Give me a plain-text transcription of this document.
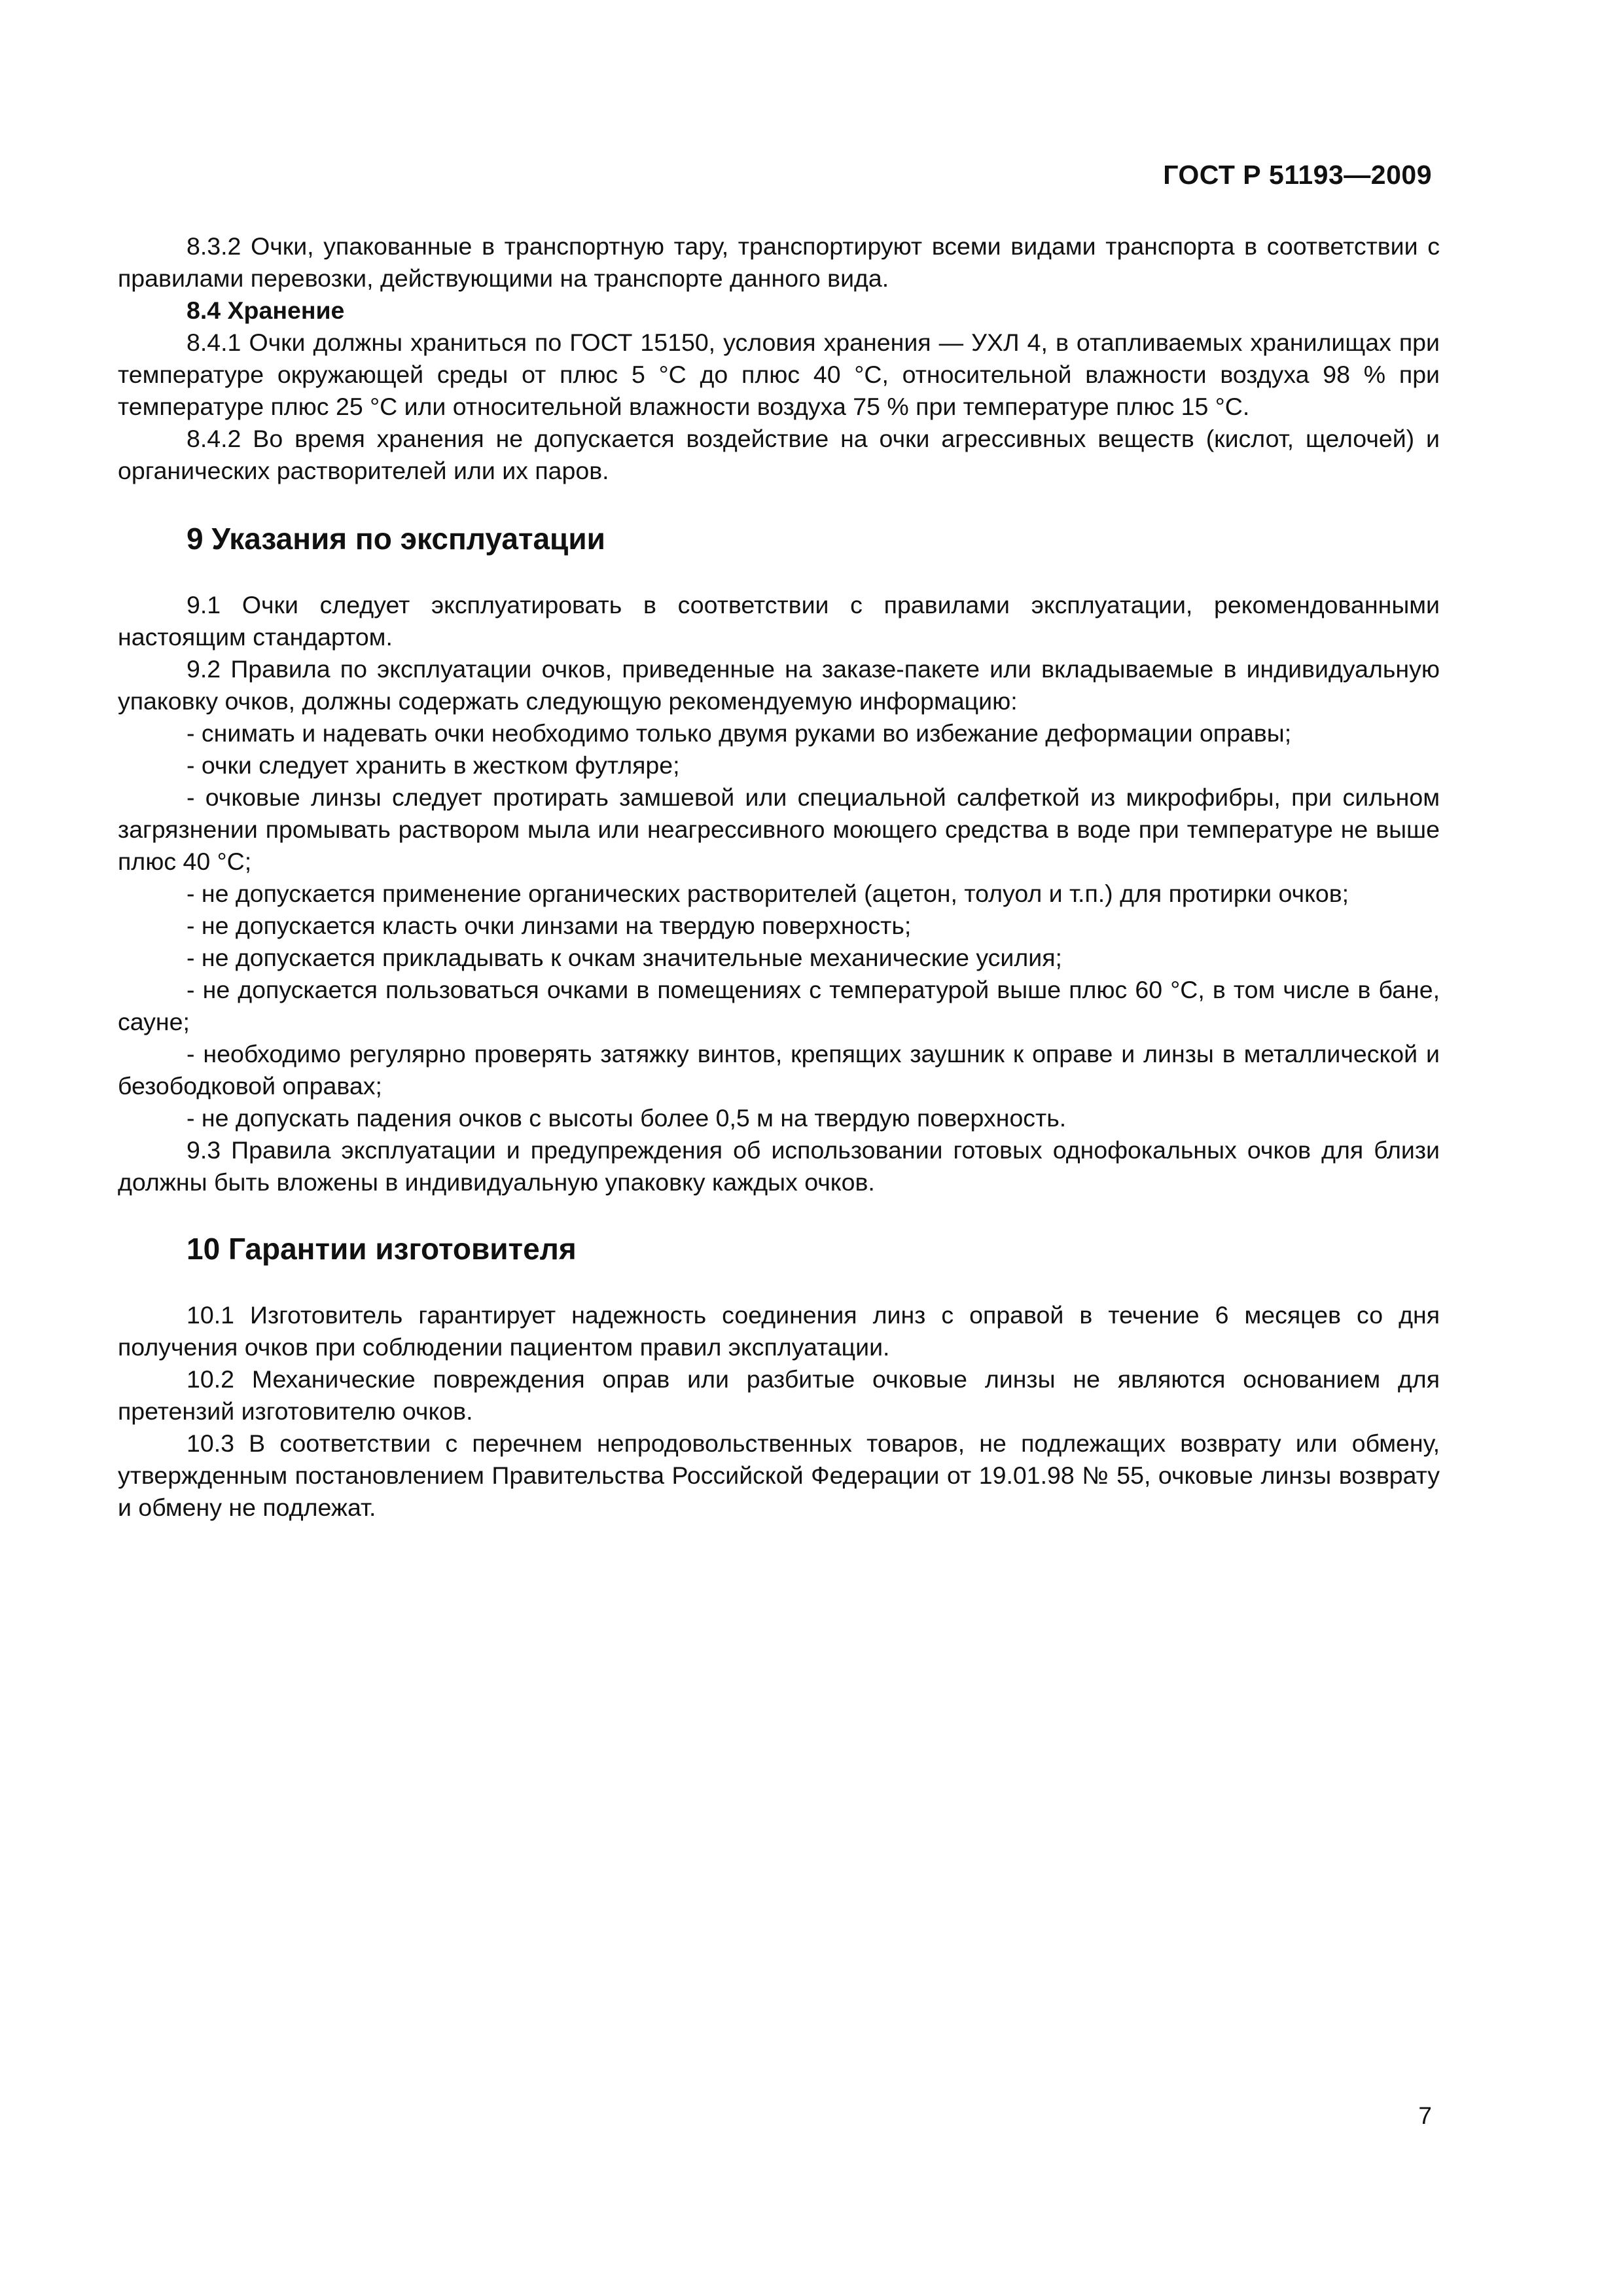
ГОСТ Р 51193—2009

8.3.2 Очки, упакованные в транспортную тару, транспортируют всеми видами транспорта в соответствии с правилами перевозки, действующими на транспорте данного вида.

8.4 Хранение

8.4.1 Очки должны храниться по ГОСТ 15150, условия хранения — УХЛ 4, в отапливаемых хранилищах при температуре окружающей среды от плюс 5 °С до плюс 40 °С, относительной влажности воздуха 98 % при температуре плюс 25 °С или относительной влажности воздуха 75 % при температуре плюс 15 °С.

8.4.2 Во время хранения не допускается воздействие на очки агрессивных веществ (кислот, щелочей) и органических растворителей или их паров.

9 Указания по эксплуатации

9.1 Очки следует эксплуатировать в соответствии с правилами эксплуатации, рекомендованными настоящим стандартом.

9.2 Правила по эксплуатации очков, приведенные на заказе-пакете или вкладываемые в индивидуальную упаковку очков, должны содержать следующую рекомендуемую информацию:

- снимать и надевать очки необходимо только двумя руками во избежание деформации оправы;

- очки следует хранить в жестком футляре;

- очковые линзы следует протирать замшевой или специальной салфеткой из микрофибры, при сильном загрязнении промывать раствором мыла или неагрессивного моющего средства в воде при температуре не выше плюс 40 °С;

- не допускается применение органических растворителей (ацетон, толуол и т.п.) для протирки очков;

- не допускается класть очки линзами на твердую поверхность;

- не допускается прикладывать к очкам значительные механические усилия;

- не допускается пользоваться очками в помещениях с температурой выше плюс 60 °С, в том числе в бане, сауне;

- необходимо регулярно проверять затяжку винтов, крепящих заушник к оправе и линзы в металлической и безободковой оправах;

- не допускать падения очков с высоты более 0,5 м на твердую поверхность.

9.3 Правила эксплуатации и предупреждения об использовании готовых однофокальных очков для близи должны быть вложены в индивидуальную упаковку каждых очков.

10 Гарантии изготовителя

10.1 Изготовитель гарантирует надежность соединения линз с оправой в течение 6 месяцев со дня получения очков при соблюдении пациентом правил эксплуатации.

10.2 Механические повреждения оправ или разбитые очковые линзы не являются основанием для претензий изготовителю очков.

10.3 В соответствии с перечнем непродовольственных товаров, не подлежащих возврату или обмену, утвержденным постановлением Правительства Российской Федерации от 19.01.98 № 55, очковые линзы возврату и обмену не подлежат.

7
